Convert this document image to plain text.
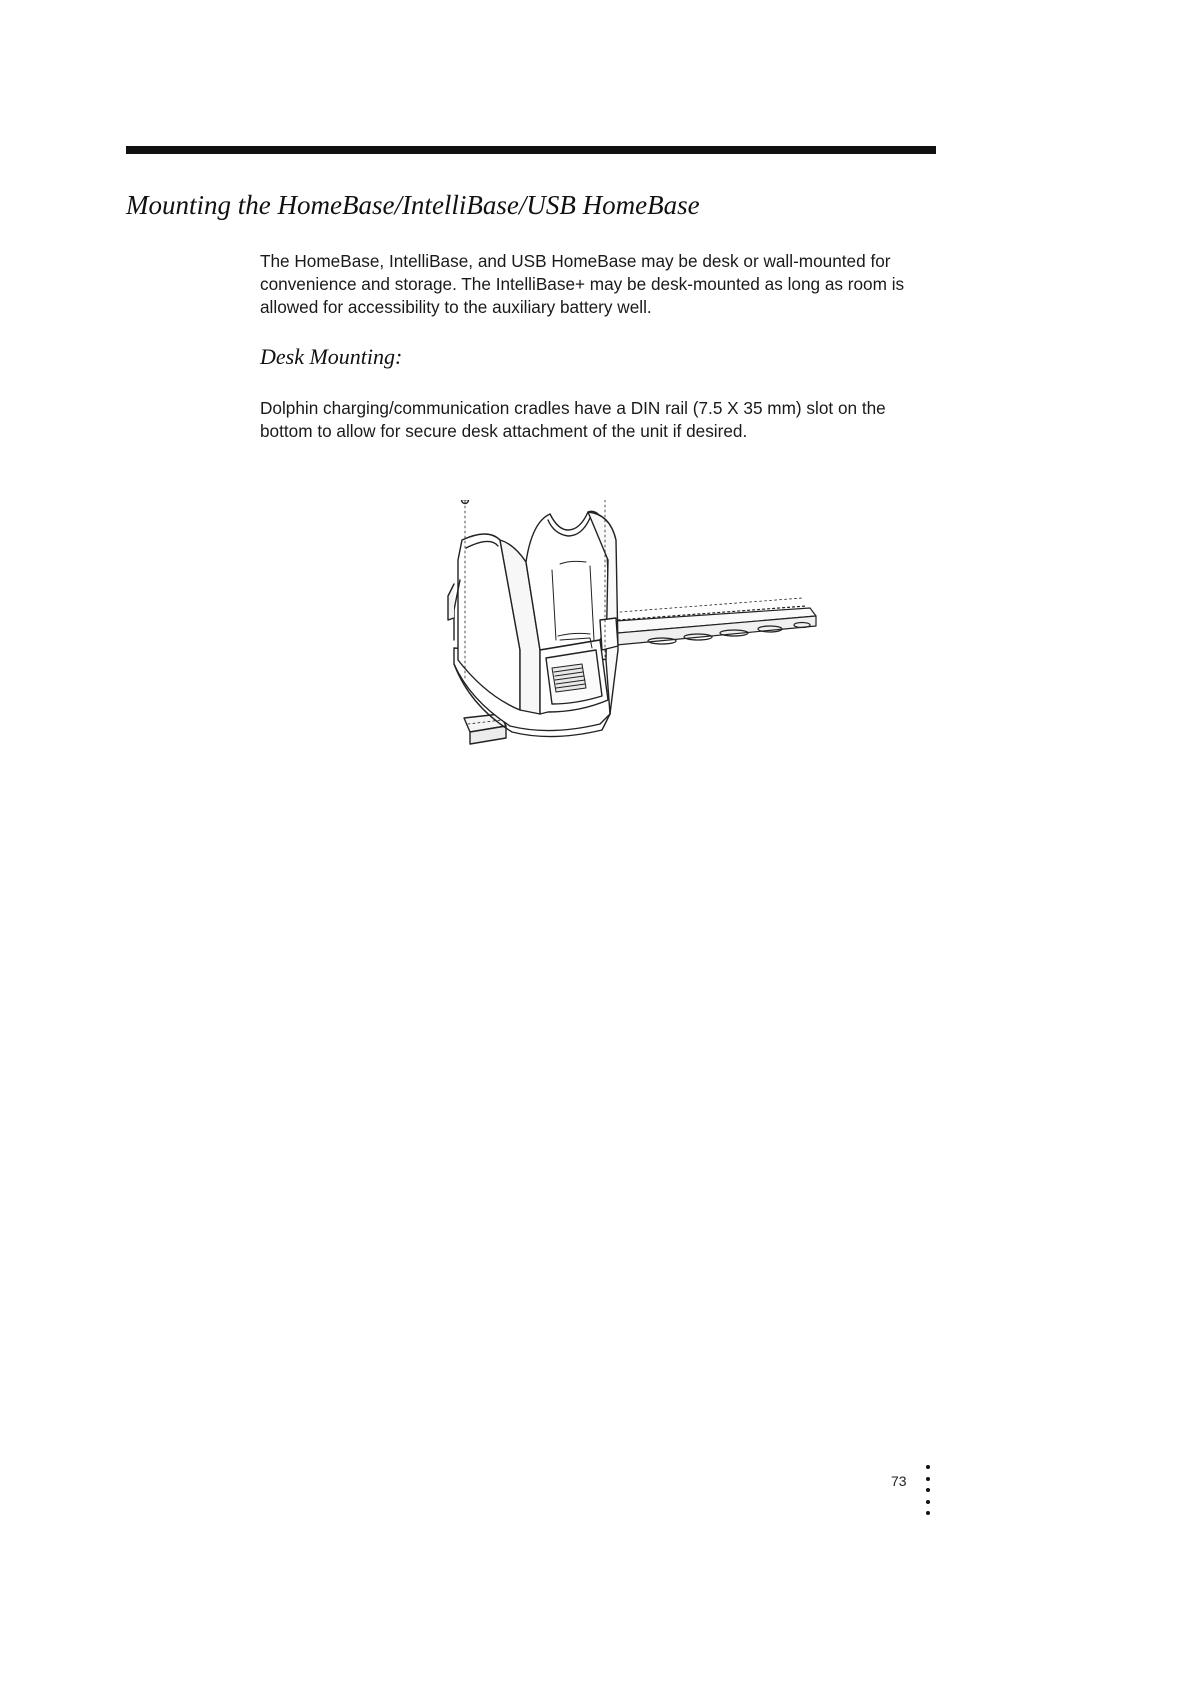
Mounting the HomeBase/IntelliBase/USB HomeBase

The HomeBase, IntelliBase, and USB HomeBase may be desk or wall-mounted for convenience and storage. The IntelliBase+ may be desk-mounted as long as room is allowed for accessibility to the auxiliary battery well.

Desk Mounting:

Dolphin charging/communication cradles have a DIN rail (7.5 X 35 mm) slot on the bottom to allow for secure desk attachment of the unit if desired.

73
